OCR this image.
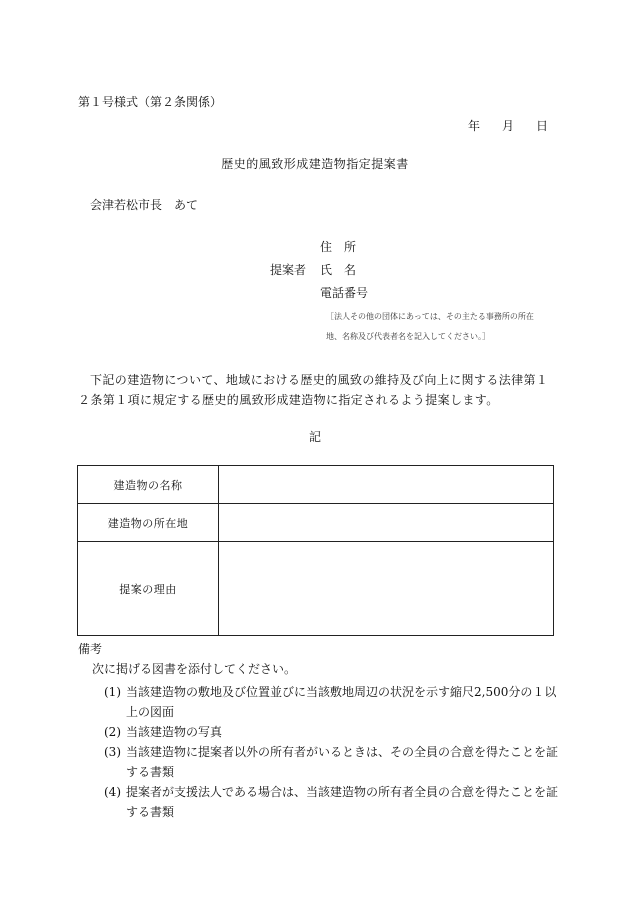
第１号様式（第２条関係）
年 月 日
歴史的風致形成建造物指定提案書
会津若松市長 あて
住　所
提案者 氏　名
電話番号
［法人その他の団体にあっては、その主たる事務所の所在
地、名称及び代表者名を記入してください。］
下記の建造物について、地域における歴史的風致の維持及び向上に関する法律第１２条第１項に規定する歴史的風致形成建造物に指定されるよう提案します。
記
建造物の名称	
建造物の所在地	
提案の理由	
備考
次に掲げる図書を添付してください。
(1) 当該建造物の敷地及び位置並びに当該敷地周辺の状況を示す縮尺2,500分の１以上の図面
(2) 当該建造物の写真
(3) 当該建造物に提案者以外の所有者がいるときは、その全員の合意を得たことを証する書類
(4) 提案者が支援法人である場合は、当該建造物の所有者全員の合意を得たことを証する書類
